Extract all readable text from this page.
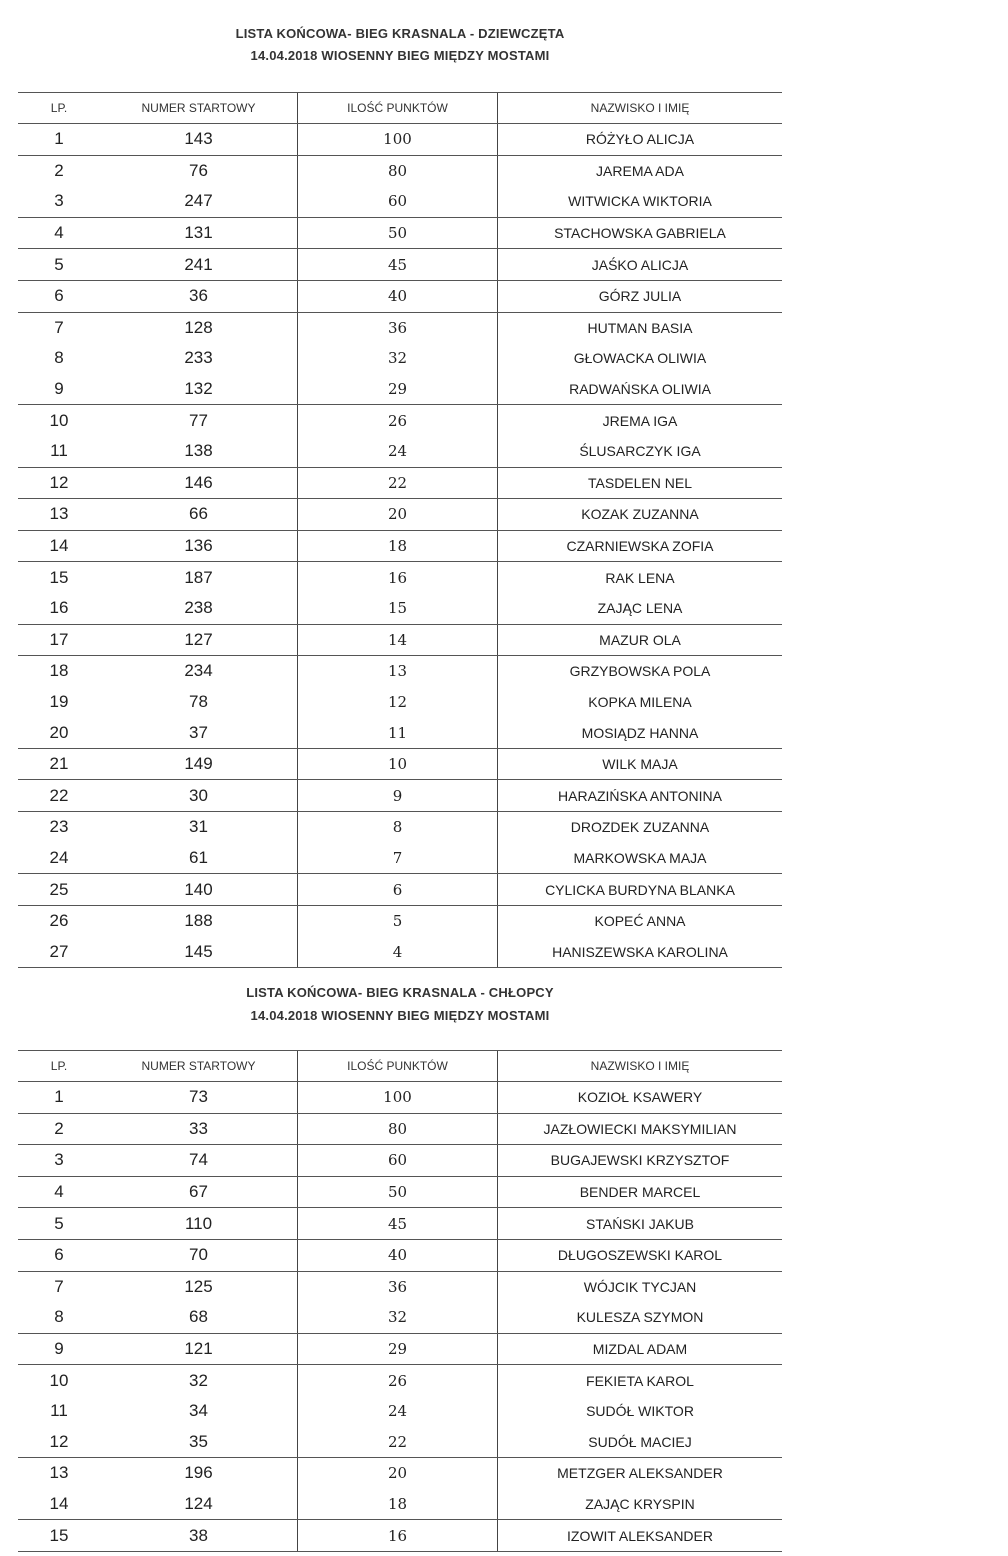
LISTA KOŃCOWA- BIEG KRASNALA - DZIEWCZĘTA
14.04.2018 WIOSENNY BIEG MIĘDZY MOSTAMI
LP.	NUMER STARTOWY	ILOŚĆ PUNKTÓW	NAZWISKO I IMIĘ
1	143	100	RÓŻYŁO ALICJA
2	76	80	JAREMA ADA
3	247	60	WITWICKA WIKTORIA
4	131	50	STACHOWSKA GABRIELA
5	241	45	JAŚKO ALICJA
6	36	40	GÓRZ JULIA
7	128	36	HUTMAN BASIA
8	233	32	GŁOWACKA OLIWIA
9	132	29	RADWAŃSKA OLIWIA
10	77	26	JREMA IGA
11	138	24	ŚLUSARCZYK IGA
12	146	22	TASDELEN NEL
13	66	20	KOZAK ZUZANNA
14	136	18	CZARNIEWSKA ZOFIA
15	187	16	RAK LENA
16	238	15	ZAJĄC LENA
17	127	14	MAZUR OLA
18	234	13	GRZYBOWSKA POLA
19	78	12	KOPKA MILENA
20	37	11	MOSIĄDZ HANNA
21	149	10	WILK MAJA
22	30	9	HARAZIŃSKA ANTONINA
23	31	8	DROZDEK ZUZANNA
24	61	7	MARKOWSKA MAJA
25	140	6	CYLICKA BURDYNA BLANKA
26	188	5	KOPEĆ ANNA
27	145	4	HANISZEWSKA KAROLINA
LISTA KOŃCOWA- BIEG KRASNALA - CHŁOPCY
14.04.2018 WIOSENNY BIEG MIĘDZY MOSTAMI
LP.	NUMER STARTOWY	ILOŚĆ PUNKTÓW	NAZWISKO I IMIĘ
1	73	100	KOZIOŁ KSAWERY
2	33	80	JAZŁOWIECKI MAKSYMILIAN
3	74	60	BUGAJEWSKI KRZYSZTOF
4	67	50	BENDER MARCEL
5	110	45	STAŃSKI JAKUB
6	70	40	DŁUGOSZEWSKI KAROL
7	125	36	WÓJCIK TYCJAN
8	68	32	KULESZA SZYMON
9	121	29	MIZDAL ADAM
10	32	26	FEKIETA KAROL
11	34	24	SUDÓŁ WIKTOR
12	35	22	SUDÓŁ MACIEJ
13	196	20	METZGER ALEKSANDER
14	124	18	ZAJĄC KRYSPIN
15	38	16	IZOWIT ALEKSANDER
